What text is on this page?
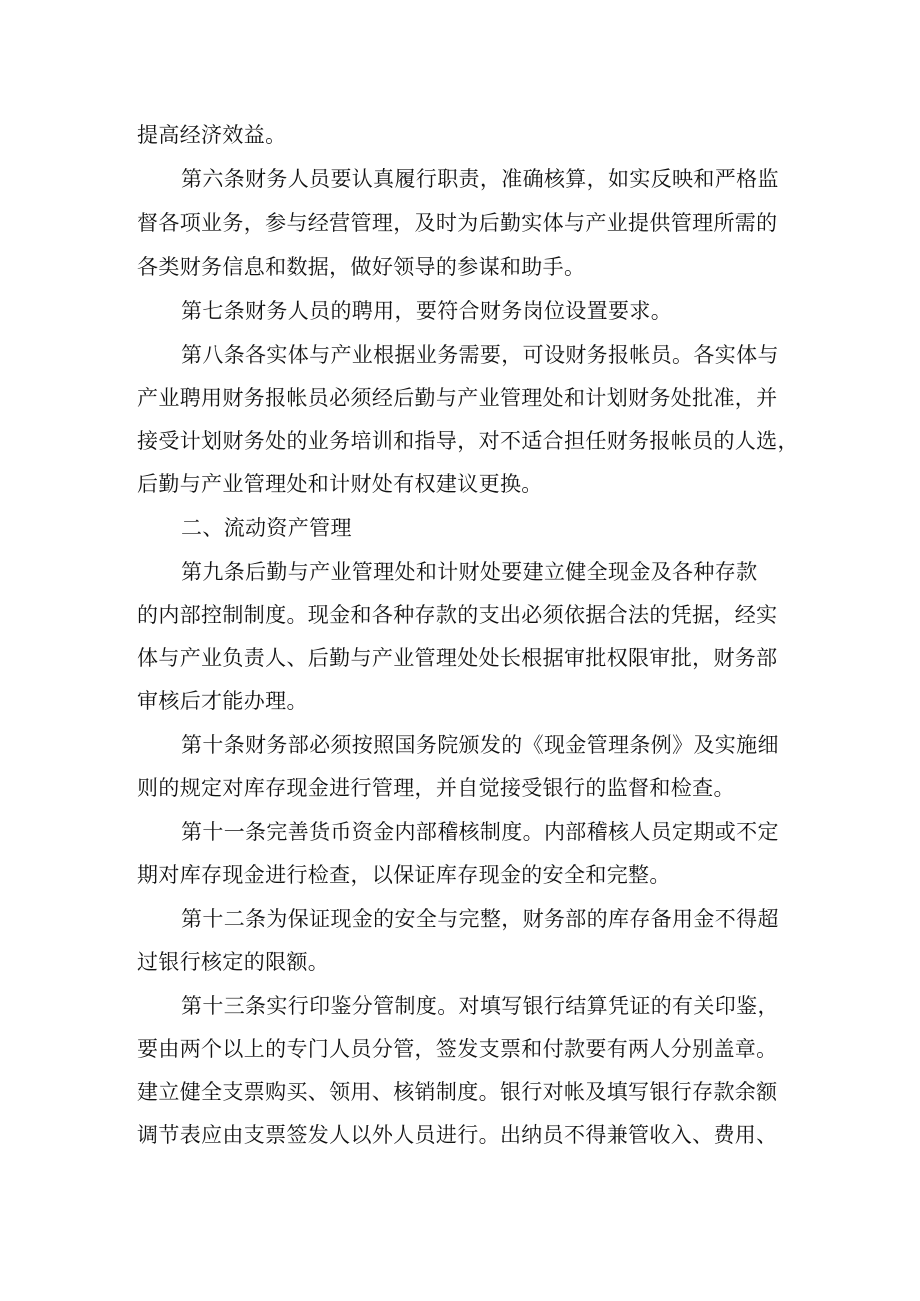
提高经济效益。
第六条财务人员要认真履行职责，准确核算，如实反映和严格监
督各项业务，参与经营管理，及时为后勤实体与产业提供管理所需的
各类财务信息和数据，做好领导的参谋和助手。
第七条财务人员的聘用，要符合财务岗位设置要求。
第八条各实体与产业根据业务需要，可设财务报帐员。各实体与
产业聘用财务报帐员必须经后勤与产业管理处和计划财务处批准，并
接受计划财务处的业务培训和指导，对不适合担任财务报帐员的人选，
后勤与产业管理处和计财处有权建议更换。
二、流动资产管理
第九条后勤与产业管理处和计财处要建立健全现金及各种存款
的内部控制制度。现金和各种存款的支出必须依据合法的凭据，经实
体与产业负责人、后勤与产业管理处处长根据审批权限审批，财务部
审核后才能办理。
第十条财务部必须按照国务院颁发的《现金管理条例》及实施细
则的规定对库存现金进行管理，并自觉接受银行的监督和检查。
第十一条完善货币资金内部稽核制度。内部稽核人员定期或不定
期对库存现金进行检查，以保证库存现金的安全和完整。
第十二条为保证现金的安全与完整，财务部的库存备用金不得超
过银行核定的限额。
第十三条实行印鉴分管制度。对填写银行结算凭证的有关印鉴，
要由两个以上的专门人员分管，签发支票和付款要有两人分别盖章。
建立健全支票购买、领用、核销制度。银行对帐及填写银行存款余额
调节表应由支票签发人以外人员进行。出纳员不得兼管收入、费用、
